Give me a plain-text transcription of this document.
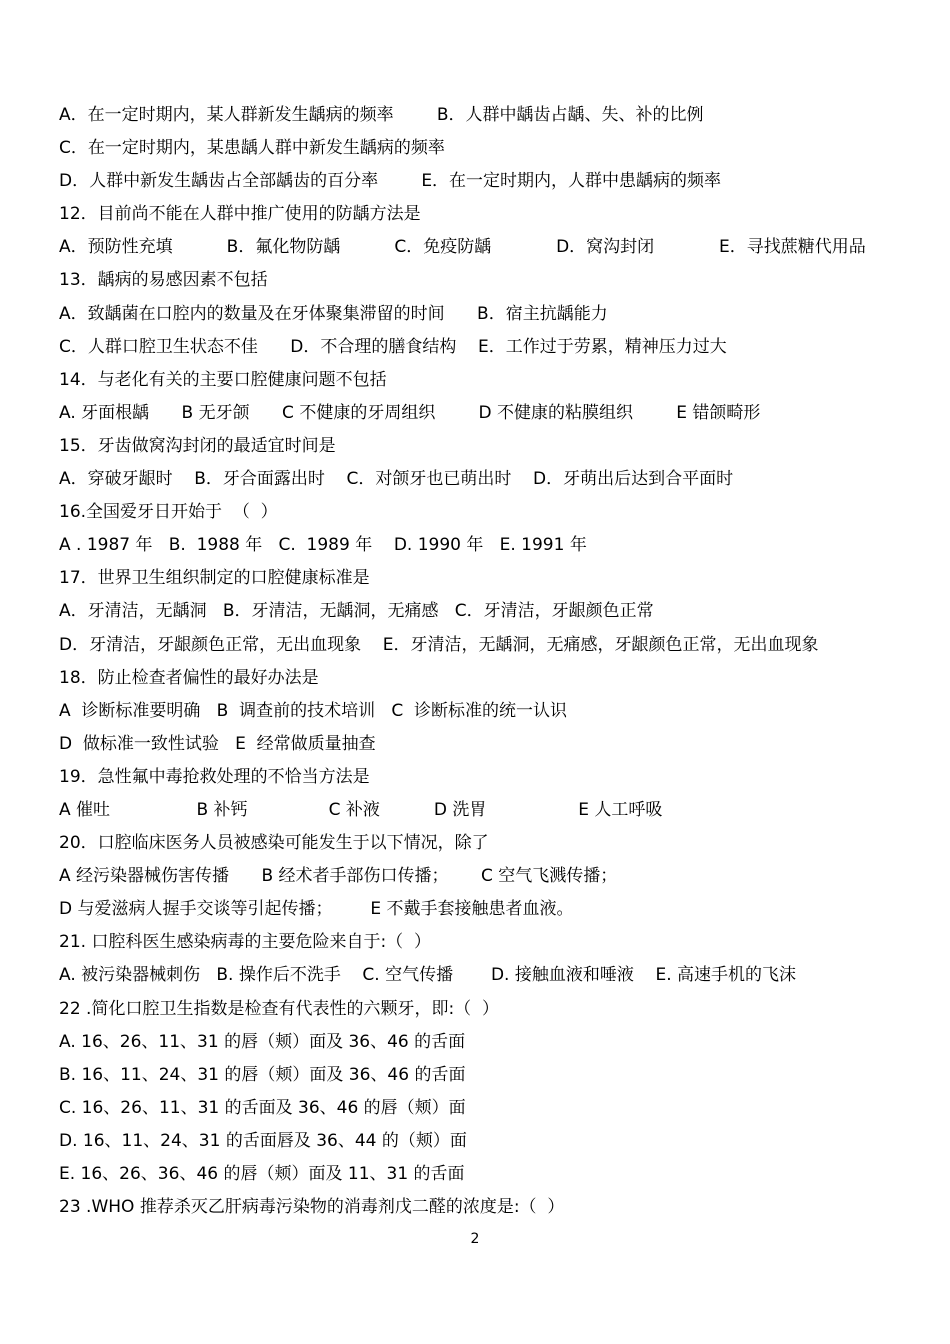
A．在一定时期内，某人群新发生龋病的频率        B．人群中龋齿占龋、失、补的比例
C．在一定时期内，某患龋人群中新发生龋病的频率
D．人群中新发生龋齿占全部龋齿的百分率        E．在一定时期内，人群中患龋病的频率
12．目前尚不能在人群中推广使用的防龋方法是
A．预防性充填          B．氟化物防龋          C．免疫防龋            D．窝沟封闭            E．寻找蔗糖代用品
13．龋病的易感因素不包括
A．致龋菌在口腔内的数量及在牙体聚集滞留的时间      B．宿主抗龋能力
C．人群口腔卫生状态不佳      D．不合理的膳食结构    E．工作过于劳累，精神压力过大
14．与老化有关的主要口腔健康问题不包括
A. 牙面根龋      B 无牙颌      C 不健康的牙周组织        D 不健康的粘膜组织        E 错颌畸形
15．牙齿做窝沟封闭的最适宜时间是
A．穿破牙龈时    B．牙合面露出时    C．对颌牙也已萌出时    D．牙萌出后达到合平面时
16.全国爱牙日开始于  （  ）
A . 1987 年   B.  1988 年   C.  1989 年    D. 1990 年   E. 1991 年
17．世界卫生组织制定的口腔健康标准是
A．牙清洁，无龋洞   B．牙清洁，无龋洞，无痛感   C．牙清洁，牙龈颜色正常
D．牙清洁，牙龈颜色正常，无出血现象    E．牙清洁，无龋洞，无痛感，牙龈颜色正常，无出血现象
18．防止检查者偏性的最好办法是
A  诊断标准要明确   B  调查前的技术培训   C  诊断标准的统一认识
D  做标准一致性试验   E  经常做质量抽查
19．急性氟中毒抢救处理的不恰当方法是
A 催吐                B 补钙               C 补液          D 洗胃                 E 人工呼吸
20．口腔临床医务人员被感染可能发生于以下情况，除了
A 经污染器械伤害传播      B 经术者手部伤口传播；      C 空气飞溅传播；
D 与爱滋病人握手交谈等引起传播；       E 不戴手套接触患者血液。
21. 口腔科医生感染病毒的主要危险来自于:（  ）
A. 被污染器械刺伤   B. 操作后不洗手    C. 空气传播       D. 接触血液和唾液    E. 高速手机的飞沫
22 .简化口腔卫生指数是检查有代表性的六颗牙，即:（  ）
A. 16、26、11、31 的唇（颊）面及 36、46 的舌面
B. 16、11、24、31 的唇（颊）面及 36、46 的舌面
C. 16、26、11、31 的舌面及 36、46 的唇（颊）面
D. 16、11、24、31 的舌面唇及 36、44 的（颊）面
E. 16、26、36、46 的唇（颊）面及 11、31 的舌面
23 .WHO 推荐杀灭乙肝病毒污染物的消毒剂戊二醛的浓度是:（  ）
2
